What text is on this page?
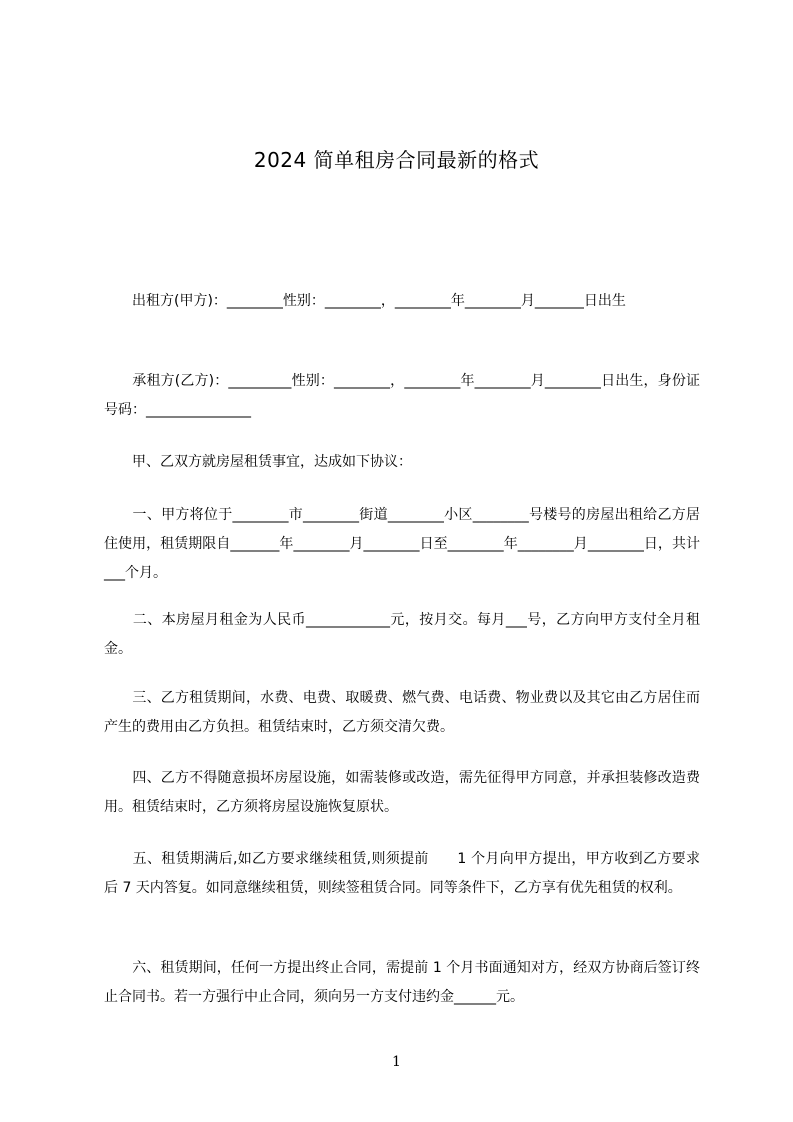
2024 简单租房合同最新的格式

　　出租方(甲方)：________性别：________，________年________月_______日出生

　　承租方(乙方)：_________性别：________，________年________月________日出生，身份证号码：_______________

　　甲、乙双方就房屋租赁事宜，达成如下协议：

　　一、甲方将位于________市________街道________小区________号楼号的房屋出租给乙方居住使用，租赁期限自_______年________月________日至________年________月________日，共计___个月。

　　二、本房屋月租金为人民币____________元，按月交。每月___号，乙方向甲方支付全月租金。

　　三、乙方租赁期间，水费、电费、取暖费、燃气费、电话费、物业费以及其它由乙方居住而产生的费用由乙方负担。租赁结束时，乙方须交清欠费。

　　四、乙方不得随意损坏房屋设施，如需装修或改造，需先征得甲方同意，并承担装修改造费用。租赁结束时，乙方须将房屋设施恢复原状。

　　五、租赁期满后,如乙方要求继续租赁,则须提前　　1 个月向甲方提出，甲方收到乙方要求后 7 天内答复。如同意继续租赁，则续签租赁合同。同等条件下，乙方享有优先租赁的权利。

　　六、租赁期间，任何一方提出终止合同，需提前 1 个月书面通知对方，经双方协商后签订终止合同书。若一方强行中止合同，须向另一方支付违约金______元。

1
